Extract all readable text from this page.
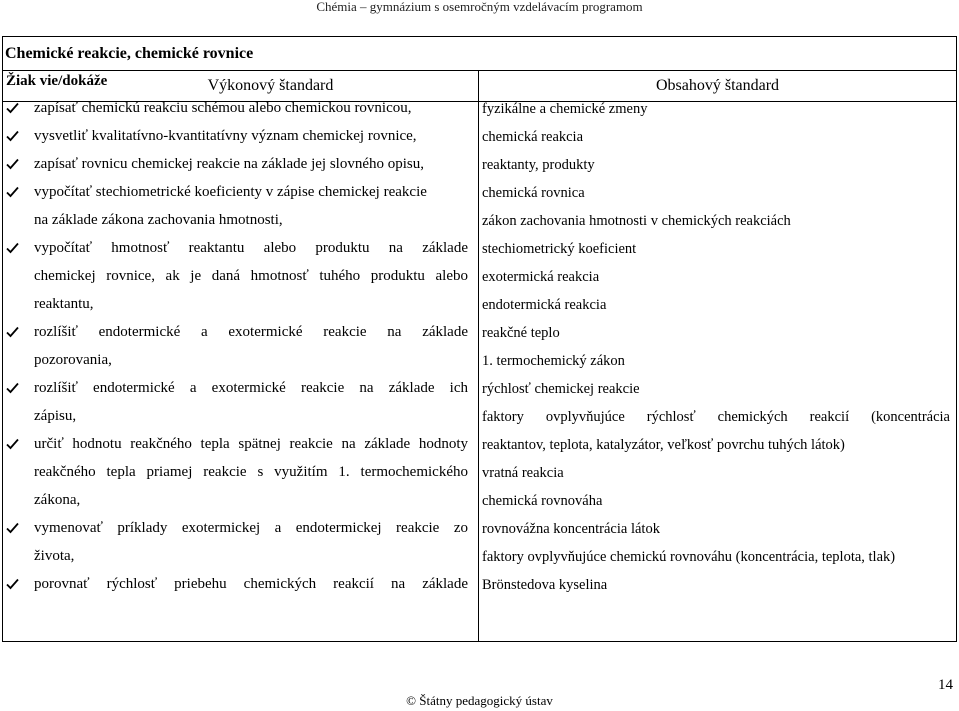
Chémia – gymnázium s osemročným vzdelávacím programom
Chemické reakcie, chemické rovnice
Výkonový štandard	Obsahový štandard
Žiak vie/dokáže
zapísať chemickú reakciu schémou alebo chemickou rovnicou,
vysvetliť kvalitatívno-kvantitatívny význam chemickej rovnice,
zapísať rovnicu chemickej reakcie na základe jej slovného opisu,
vypočítať stechiometrické koeficienty v zápise chemickej reakcie
na základe zákona zachovania hmotnosti,
vypočítať hmotnosť reaktantu alebo produktu na základe
chemickej rovnice, ak je daná hmotnosť tuhého produktu alebo
reaktantu,
rozlíšiť endotermické a exotermické reakcie na základe
pozorovania,
rozlíšiť endotermické a exotermické reakcie na základe ich
zápisu,
určiť hodnotu reakčného tepla spätnej reakcie na základe hodnoty
reakčného tepla priamej reakcie s využitím 1. termochemického
zákona,
vymenovať príklady exotermickej a endotermickej reakcie zo
života,
porovnať rýchlosť priebehu chemických reakcií na základe
fyzikálne a chemické zmeny
chemická reakcia
reaktanty, produkty
chemická rovnica
zákon zachovania hmotnosti v chemických reakciách
stechiometrický koeficient
exotermická reakcia
endotermická reakcia
reakčné teplo
1. termochemický zákon
rýchlosť chemickej reakcie
faktory ovplyvňujúce rýchlosť chemických reakcií (koncentrácia
reaktantov, teplota, katalyzátor, veľkosť povrchu tuhých látok)
vratná reakcia
chemická rovnováha
rovnovážna koncentrácia látok
faktory ovplyvňujúce chemickú rovnováhu (koncentrácia, teplota, tlak)
Brönstedova kyselina
14
© Štátny pedagogický ústav
